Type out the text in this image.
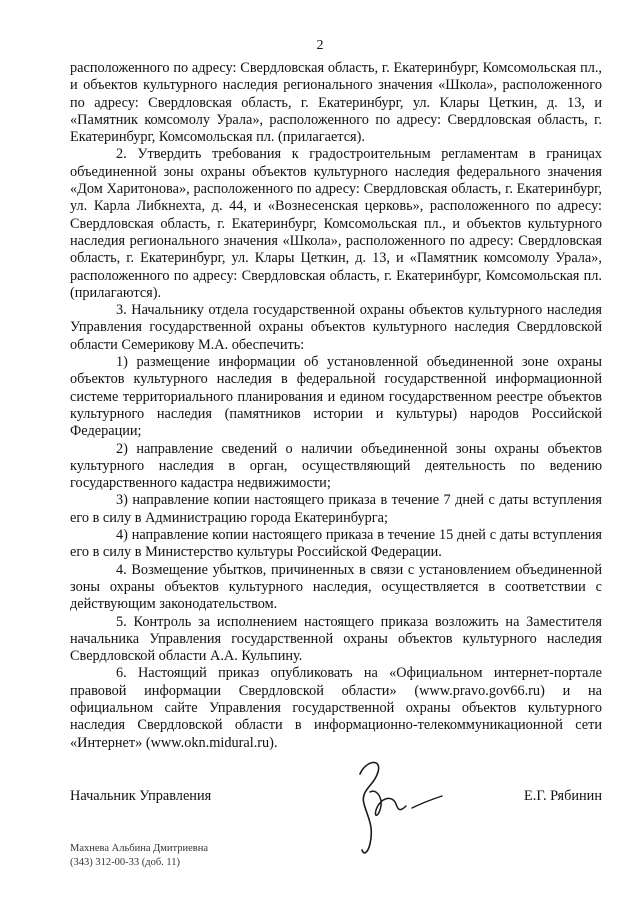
2

расположенного по адресу: Свердловская область, г. Екатеринбург, Комсомольская пл., и объектов культурного наследия регионального значения «Школа», расположенного по адресу: Свердловская область, г. Екатеринбург, ул. Клары Цеткин, д. 13, и «Памятник комсомолу Урала», расположенного по адресу: Свердловская область, г. Екатеринбург, Комсомольская пл. (прилагается).

2. Утвердить требования к градостроительным регламентам в границах объединенной зоны охраны объектов культурного наследия федерального значения «Дом Харитонова», расположенного по адресу: Свердловская область, г. Екатеринбург, ул. Карла Либкнехта, д. 44, и «Вознесенская церковь», расположенного по адресу: Свердловская область, г. Екатеринбург, Комсомольская пл., и объектов культурного наследия регионального значения «Школа», расположенного по адресу: Свердловская область, г. Екатеринбург, ул. Клары Цеткин, д. 13, и «Памятник комсомолу Урала», расположенного по адресу: Свердловская область, г. Екатеринбург, Комсомольская пл. (прилагаются).

3. Начальнику отдела государственной охраны объектов культурного наследия Управления государственной охраны объектов культурного наследия Свердловской области Семерикову М.А. обеспечить:

1) размещение информации об установленной объединенной зоне охраны объектов культурного наследия в федеральной государственной информационной системе территориального планирования и едином государственном реестре объектов культурного наследия (памятников истории и культуры) народов Российской Федерации;

2) направление сведений о наличии объединенной зоны охраны объектов культурного наследия в орган, осуществляющий деятельность по ведению государственного кадастра недвижимости;

3) направление копии настоящего приказа в течение 7 дней с даты вступления его в силу в Администрацию города Екатеринбурга;

4) направление копии настоящего приказа в течение 15 дней с даты вступления его в силу в Министерство культуры Российской Федерации.

4. Возмещение убытков, причиненных в связи с установлением объединенной зоны охраны объектов культурного наследия, осуществляется в соответствии с действующим законодательством.

5. Контроль за исполнением настоящего приказа возложить на Заместителя начальника Управления государственной охраны объектов культурного наследия Свердловской области А.А. Кульпину.

6. Настоящий приказ опубликовать на «Официальном интернет-портале правовой информации Свердловской области» (www.pravo.gov66.ru) и на официальном сайте Управления государственной охраны объектов культурного наследия Свердловской области в информационно-телекоммуникационной сети «Интернет» (www.okn.midural.ru).

Начальник Управления	Е.Г. Рябинин
Махнева Альбина Дмитриевна
(343) 312-00-33 (доб. 11)
